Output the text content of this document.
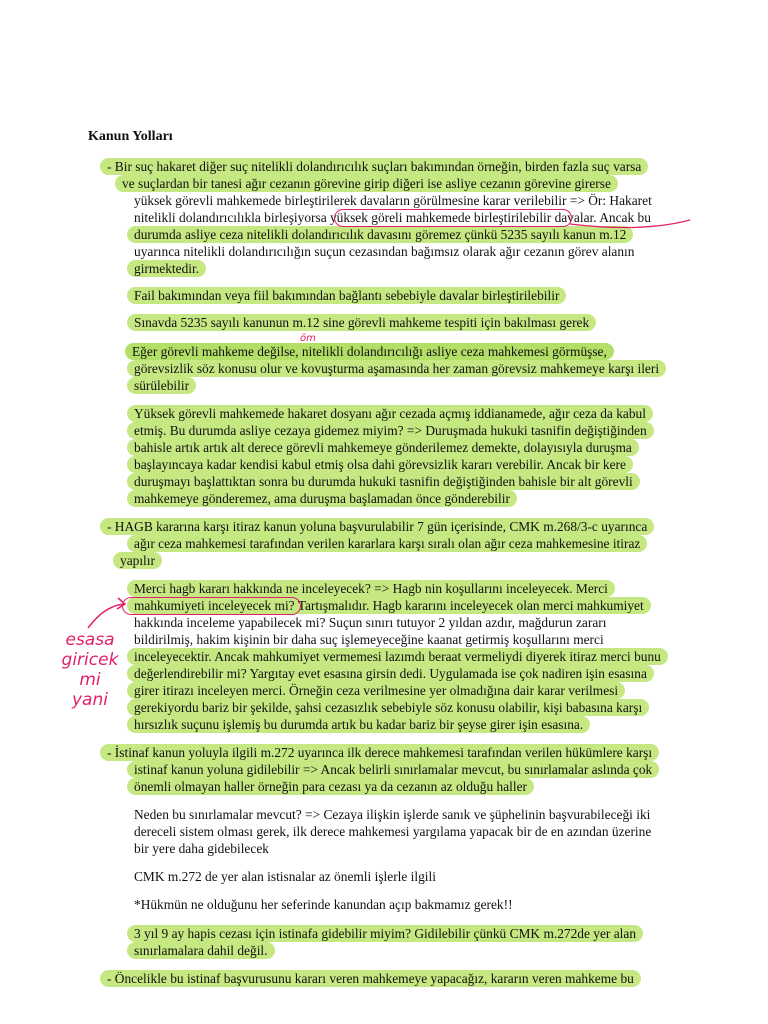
Kanun Yolları
- Bir suç hakaret diğer suç nitelikli dolandırıcılık suçları bakımından örneğin, birden fazla suç varsa
ve suçlardan bir tanesi ağır cezanın görevine girip diğeri ise asliye cezanın görevine girerse
yüksek görevli mahkemede birleştirilerek davaların görülmesine karar verilebilir => Ör: Hakaret
nitelikli dolandırıcılıkla birleşiyorsa yüksek göreli mahkemede birleştirilebilir davalar. Ancak bu
durumda asliye ceza nitelikli dolandırıcılık davasını göremez çünkü 5235 sayılı kanun m.12
uyarınca nitelikli dolandırıcılığın suçun cezasından bağımsız olarak ağır cezanın görev alanın
girmektedir.
Fail bakımından veya fiil bakımından bağlantı sebebiyle davalar birleştirilebilir
Sınavda 5235 sayılı kanunun m.12 sine görevli mahkeme tespiti için bakılması gerek
Eğer görevli mahkeme değilse, nitelikli dolandırıcılığı asliye ceza mahkemesi görmüşse,
görevsizlik söz konusu olur ve kovuşturma aşamasında her zaman görevsiz mahkemeye karşı ileri
sürülebilir
Yüksek görevli mahkemede hakaret dosyanı ağır cezada açmış iddianamede, ağır ceza da kabul
etmiş. Bu durumda asliye cezaya gidemez miyim? => Duruşmada hukuki tasnifin değiştiğinden
bahisle artık artık alt derece görevli mahkemeye gönderilemez demekte, dolayısıyla duruşma
başlayıncaya kadar kendisi kabul etmiş olsa dahi görevsizlik kararı verebilir. Ancak bir kere
duruşmayı başlattıktan sonra bu durumda hukuki tasnifin değiştiğinden bahisle bir alt görevli
mahkemeye gönderemez, ama duruşma başlamadan önce gönderebilir
- HAGB kararına karşı itiraz kanun yoluna başvurulabilir 7 gün içerisinde, CMK m.268/3-c uyarınca
ağır ceza mahkemesi tarafından verilen kararlara karşı sıralı olan ağır ceza mahkemesine itiraz
yapılır
Merci hagb kararı hakkında ne inceleyecek? => Hagb nin koşullarını inceleyecek. Merci
mahkumiyeti inceleyecek mi? Tartışmalıdır. Hagb kararını inceleyecek olan merci mahkumiyet
hakkında inceleme yapabilecek mi? Suçun sınırı tutuyor 2 yıldan azdır, mağdurun zararı
bildirilmiş, hakim kişinin bir daha suç işlemeyeceğine kaanat getirmiş koşullarını merci
inceleyecektir. Ancak mahkumiyet vermemesi lazımdı beraat vermeliydi diyerek itiraz merci bunu
değerlendirebilir mi? Yargıtay evet esasına girsin dedi. Uygulamada ise çok nadiren işin esasına
girer itirazı inceleyen merci. Örneğin ceza verilmesine yer olmadığına dair karar verilmesi
gerekiyordu bariz bir şekilde, şahsi cezasızlık sebebiyle söz konusu olabilir, kişi babasına karşı
hırsızlık suçunu işlemiş bu durumda artık bu kadar bariz bir şeyse girer işin esasına.
- İstinaf kanun yoluyla ilgili m.272 uyarınca ilk derece mahkemesi tarafından verilen hükümlere karşı
istinaf kanun yoluna gidilebilir => Ancak belirli sınırlamalar mevcut, bu sınırlamalar aslında çok
önemli olmayan haller örneğin para cezası ya da cezanın az olduğu haller
Neden bu sınırlamalar mevcut? => Cezaya ilişkin işlerde sanık ve şüphelinin başvurabileceği iki
dereceli sistem olması gerek, ilk derece mahkemesi yargılama yapacak bir de en azından üzerine
bir yere daha gidebilecek
CMK m.272 de yer alan istisnalar az önemli işlerle ilgili
*Hükmün ne olduğunu her seferinde kanundan açıp bakmamız gerek!!
3 yıl 9 ay hapis cezası için istinafa gidebilir miyim? Gidilebilir çünkü CMK m.272de yer alan
sınırlamalara dahil değil.
- Öncelikle bu istinaf başvurusunu kararı veren mahkemeye yapacağız, kararın veren mahkeme bu
esasa
giricek
mi
yani
öm
